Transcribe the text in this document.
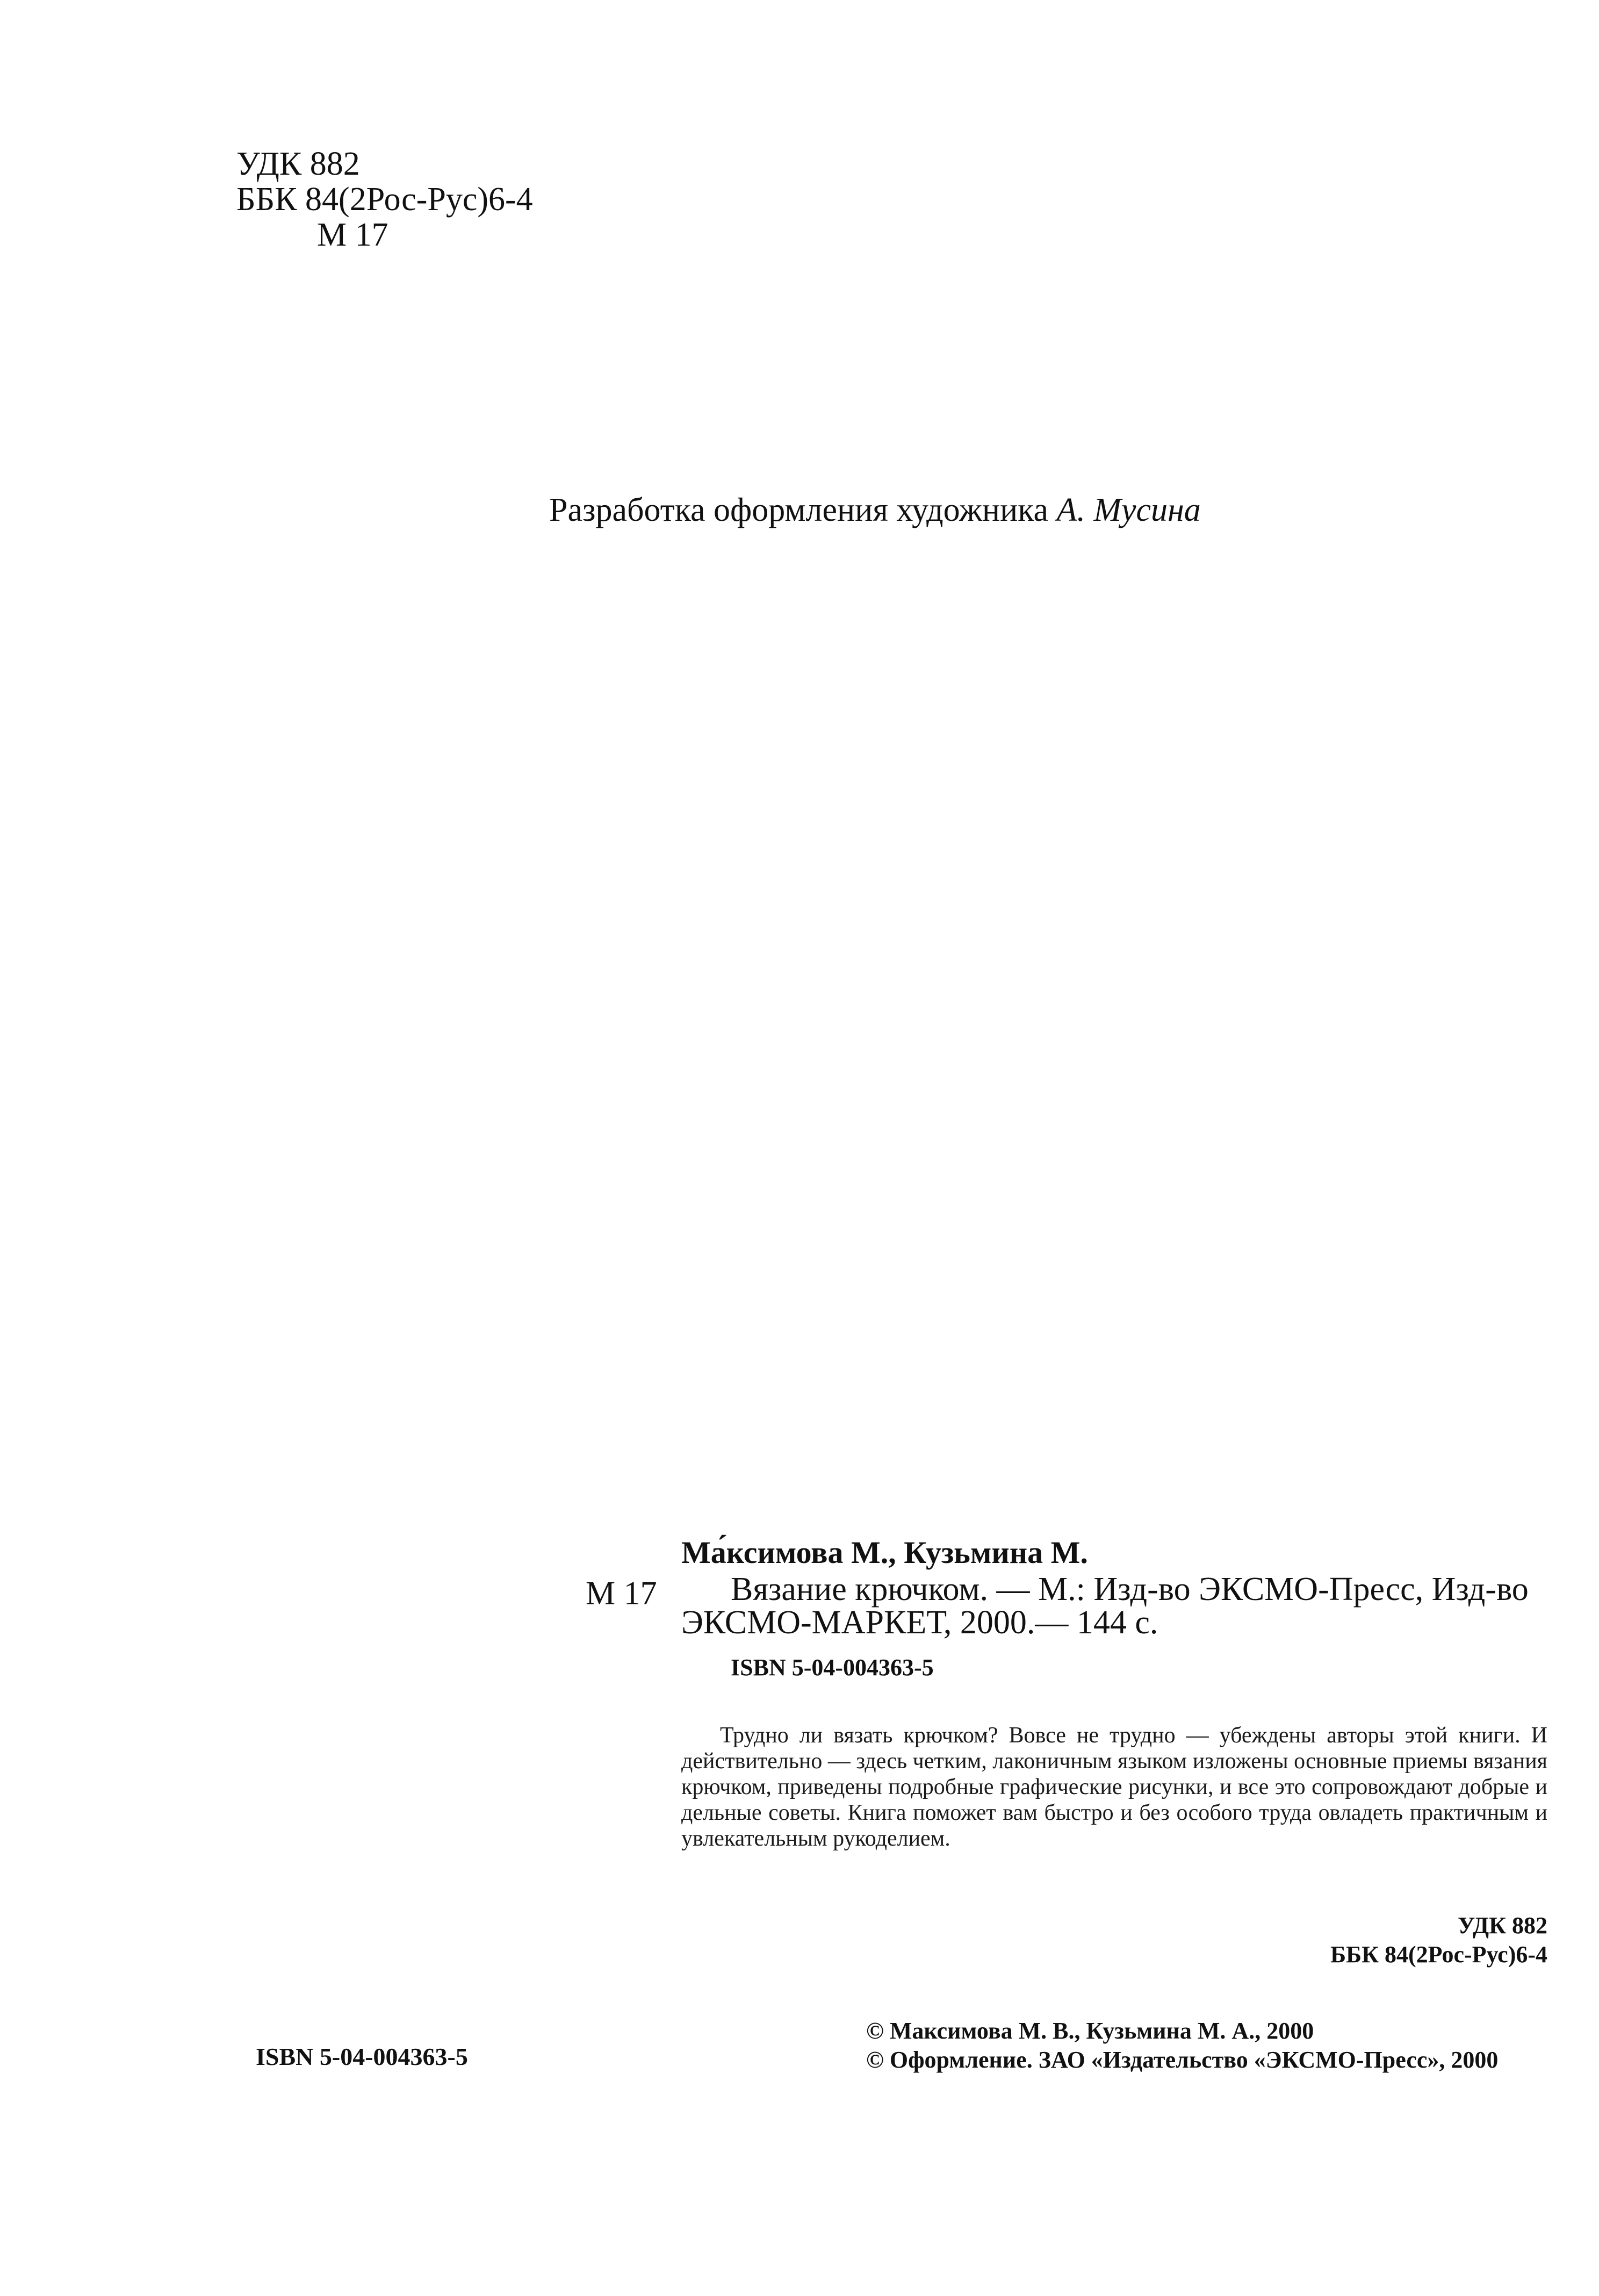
УДК 882
ББК 84(2Рос-Рус)6-4
М 17
Разработка оформления художника А. Мусина
Ма́ксимова М., Кузьмина М.
М 17 Вязание крючком. — М.: Изд-во ЭКСМО-Пресс, Изд-во
ЭКСМО-МАРКЕТ, 2000.— 144 с.
ISBN 5-04-004363-5
Трудно ли вязать крючком? Вовсе не трудно — убеждены авторы этой книги. И действительно — здесь четким, лаконичным языком изложены основные приемы вязания крючком, приведены подробные графические рисунки, и все это сопровождают добрые и дельные советы. Книга поможет вам быстро и без особого труда овладеть практичным и увлекательным рукоделием.
УДК 882
ББК 84(2Рос-Рус)6-4
ISBN 5-04-004363-5
© Максимова М. В., Кузьмина М. А., 2000
© Оформление. ЗАО «Издательство «ЭКСМО-Пресс», 2000
